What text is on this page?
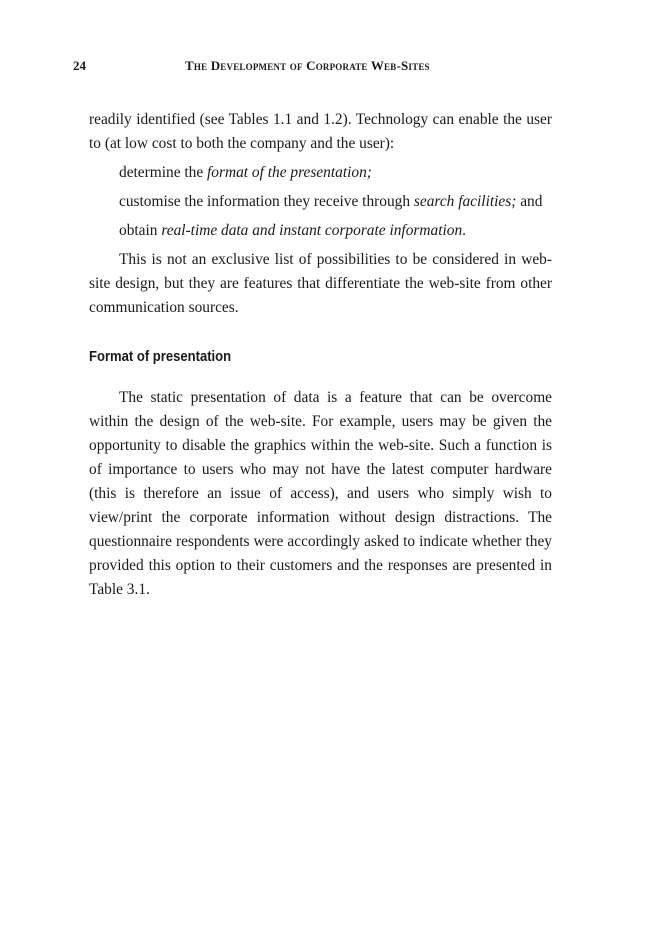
24	The Development of Corporate Web-Sites

readily identified (see Tables 1.1 and 1.2). Technology can enable the user to (at low cost to both the company and the user):

determine the format of the presentation;
customise the information they receive through search facilities; and
obtain real-time data and instant corporate information.

This is not an exclusive list of possibilities to be considered in web-site design, but they are features that differentiate the web-site from other communication sources.

Format of presentation

The static presentation of data is a feature that can be overcome within the design of the web-site. For example, users may be given the opportunity to disable the graphics within the web-site. Such a function is of importance to users who may not have the latest computer hardware (this is therefore an issue of access), and users who simply wish to view/print the corporate information without design distractions. The questionnaire respondents were accordingly asked to indicate whether they provided this option to their customers and the responses are presented in Table 3.1.
